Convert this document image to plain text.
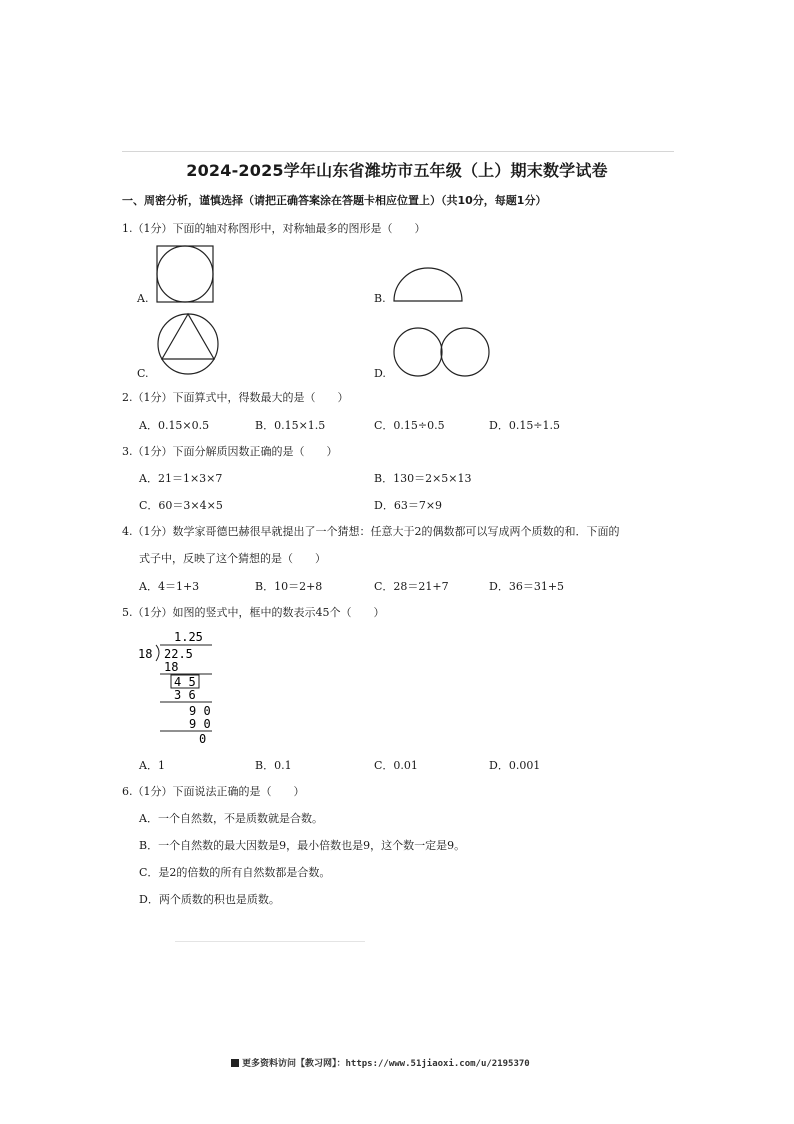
2024-2025学年山东省潍坊市五年级（上）期末数学试卷
一、周密分析，谨慎选择（请把正确答案涂在答题卡相应位置上）（共10分，每题1分）
1.（1分）下面的轴对称图形中，对称轴最多的图形是（　　）
A.	B.
C.	D.
2.（1分）下面算式中，得数最大的是（　　）
A．0.15×0.5	B．0.15×1.5	C．0.15÷0.5	D．0.15÷1.5
3.（1分）下面分解质因数正确的是（　　）
A．21＝1×3×7	B．130＝2×5×13
C．60＝3×4×5	D．63＝7×9
4.（1分）数学家哥德巴赫很早就提出了一个猜想：任意大于2的偶数都可以写成两个质数的和．下面的
式子中，反映了这个猜想的是（　　）
A．4＝1+3	B．10＝2+8	C．28＝21+7	D．36＝31+5
5.（1分）如图的竖式中，框中的数表示45个（　　）
1.25
18 22.5
18
4 5
3 6
9 0
9 0
0
A．1	B．0.1	C．0.01	D．0.001
6.（1分）下面说法正确的是（　　）
A．一个自然数，不是质数就是合数。
B．一个自然数的最大因数是9，最小倍数也是9，这个数一定是9。
C．是2的倍数的所有自然数都是合数。
D．两个质数的积也是质数。
更多资料访问【教习网】：https://www.51jiaoxi.com/u/2195370
